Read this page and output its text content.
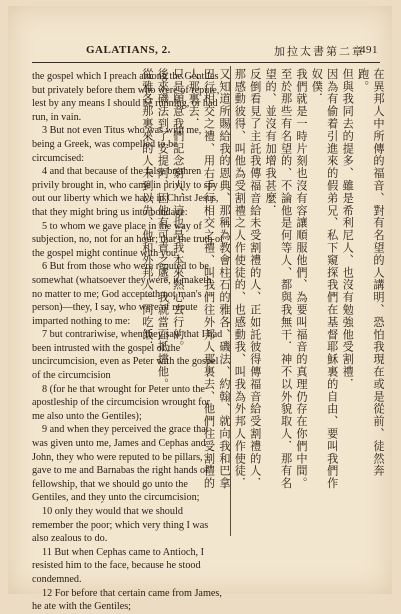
GALATIANS, 2.	加拉太書第二章
491

the gospel which I preach among the Gentiles but privately before them who were of repute, lest by any means I should be running, or had run, in vain.

3 But not even Titus who was with me, being a Greek, was compelled to be circumcised:

4 and that because of the false brethren privily brought in, who came in privily to spy out our liberty which we have in Christ Jesus, that they might bring us into bondage:

5 to whom we gave place in the way of subjection, no, not for an hour; that the truth of the gospel might continue with you.

6 But from those who were reputed to be somewhat (whatsoever they were, it maketh no matter to me; God accepteth not man's person)—they, I say, who were of repute imparted nothing to me:

7 but contrariwise, when they saw that I had been intrusted with the gospel of the uncircumcision, even as Peter with the gospel of the circumcision

8 (for he that wrought for Peter unto the apostleship of the circumcision wrought for me also unto the Gentiles);

9 and when they perceived the grace that was given unto me, James and Cephas and John, they who were reputed to be pillars, gave to me and Barnabas the right hands of fellowship, that we should go unto the Gentiles, and they unto the circumcision;

10 only they would that we should remember the poor; which very thing I was also zealous to do.

11 But when Cephas came to Antioch, I resisted him to the face, because he stood condemned.

12 For before that certain came from James, he ate with the Gentiles;

在異邦人中所傳的福音、對有名望的人講明、恐怕我現在或是從前、徒然奔跑。

但與我同去的提多、雖是希利尼人、也沒有勉強他受割禮．

因為有偷着引進來的假弟兄、私下窺探我們在基督耶穌裏的自由、要叫我們作奴僕．

我們就是一時片刻也沒有容讓順服他們、為要叫福音的真理仍存在你們中間。

至於那些有名望的、不論他是何等人、都與我無干．神不以外貌取人．那有名望的、並沒有加增我甚麼．

反倒看見了主託我傳福音給未受割禮的人、正如託彼得傳福音給受割禮的人．

那感動彼得、叫他為受割禮之人作使徒的、也感動我、叫我為外邦人作使徒．

又知道所賜給我的恩典、那稱為教會柱石的雅各、磯法、約翰、就向我和巴拿巴行相交之禮、用右手行相交之禮、叫我們往外邦人那裏去、他們往受割禮的人那裏去．

只是願意我們記念窮人．這也是我本來熱心去行的。

後來磯法到了安提阿、因他有可責之處、我就當面抵擋他。

從雅各那裏來的人未到以先、他和外邦人一同吃飯．
